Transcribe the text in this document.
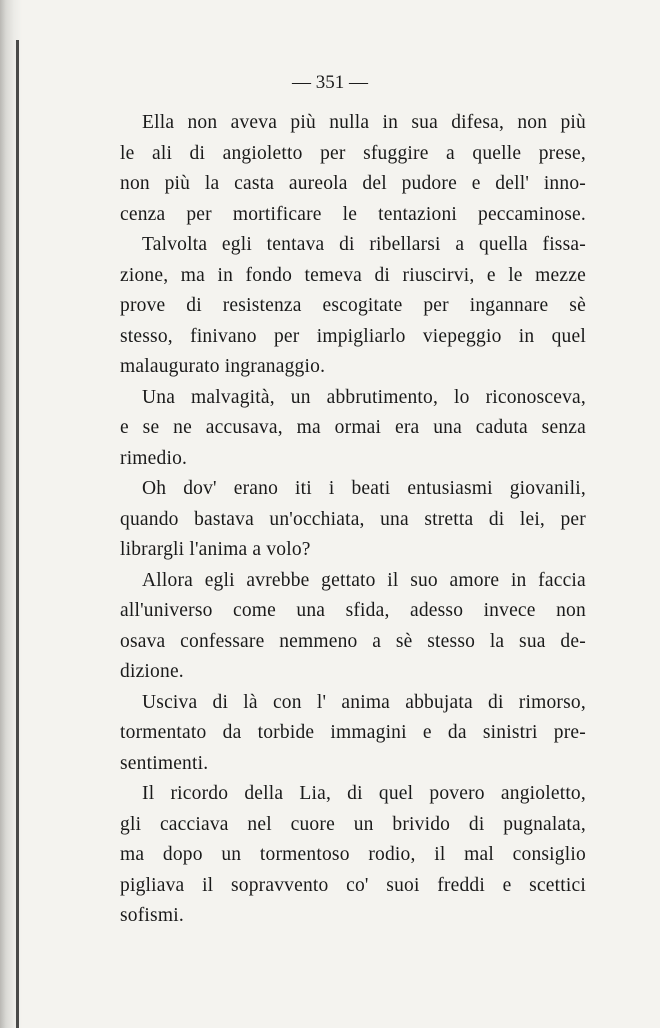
— 351 —

Ella non aveva più nulla in sua difesa, non più

le ali di angioletto per sfuggire a quelle prese,

non più la casta aureola del pudore e dell' inno-

cenza per mortificare le tentazioni peccaminose.

Talvolta egli tentava di ribellarsi a quella fissa-

zione, ma in fondo temeva di riuscirvi, e le mezze

prove di resistenza escogitate per ingannare sè

stesso, finivano per impigliarlo viepeggio in quel

malaugurato ingranaggio.

Una malvagità, un abbrutimento, lo riconosceva,

e se ne accusava, ma ormai era una caduta senza

rimedio.

Oh dov' erano iti i beati entusiasmi giovanili,

quando bastava un'occhiata, una stretta di lei, per

librargli l'anima a volo?

Allora egli avrebbe gettato il suo amore in faccia

all'universo come una sfida, adesso invece non

osava confessare nemmeno a sè stesso la sua de-

dizione.

Usciva di là con l' anima abbujata di rimorso,

tormentato da torbide immagini e da sinistri pre-

sentimenti.

Il ricordo della Lia, di quel povero angioletto,

gli cacciava nel cuore un brivido di pugnalata,

ma dopo un tormentoso rodio, il mal consiglio

pigliava il sopravvento co' suoi freddi e scettici

sofismi.
